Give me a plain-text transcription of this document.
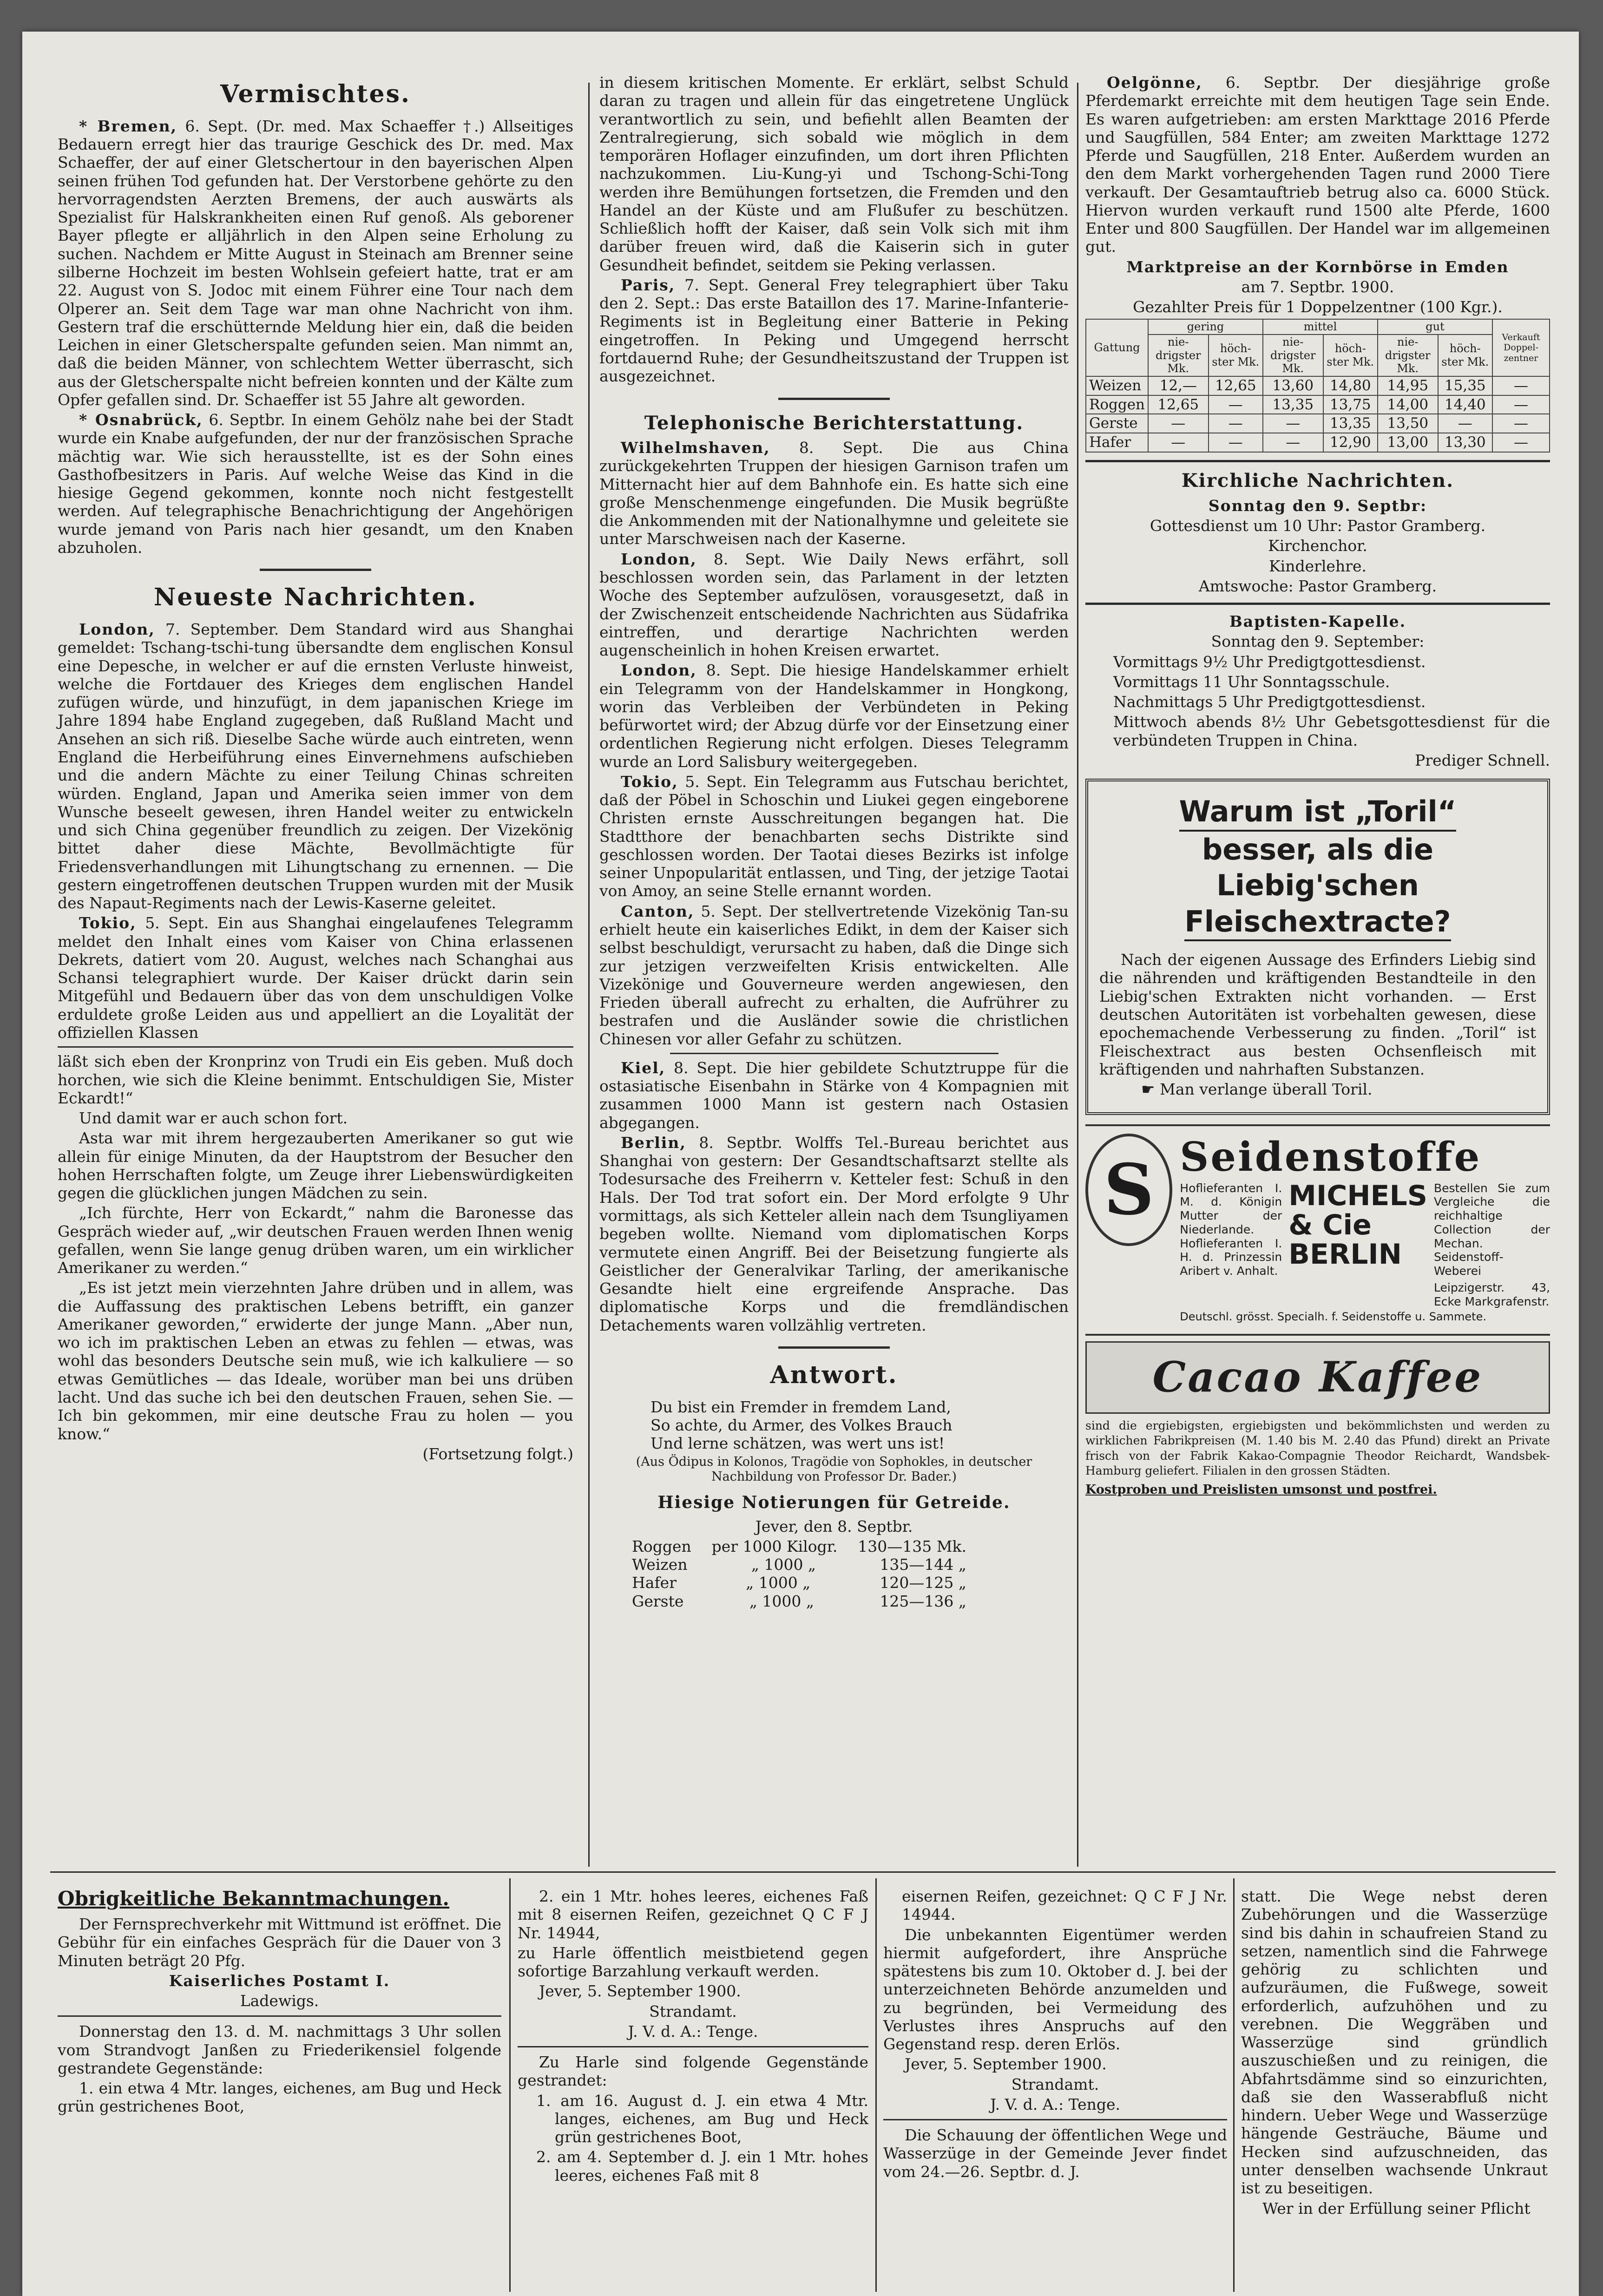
Vermischtes.

* Bremen, 6. Sept. (Dr. med. Max Schaeffer †.) Allseitiges Bedauern erregt hier das traurige Geschick des Dr. med. Max Schaeffer, der auf einer Gletschertour in den bayerischen Alpen seinen frühen Tod gefunden hat. Der Verstorbene gehörte zu den hervorragendsten Aerzten Bremens, der auch auswärts als Spezialist für Halskrankheiten einen Ruf genoß. Als geborener Bayer pflegte er alljährlich in den Alpen seine Erholung zu suchen. Nachdem er Mitte August in Steinach am Brenner seine silberne Hochzeit im besten Wohlsein gefeiert hatte, trat er am 22. August von S. Jodoc mit einem Führer eine Tour nach dem Olperer an. Seit dem Tage war man ohne Nachricht von ihm. Gestern traf die erschütternde Meldung hier ein, daß die beiden Leichen in einer Gletscherspalte gefunden seien. Man nimmt an, daß die beiden Männer, von schlechtem Wetter überrascht, sich aus der Gletscherspalte nicht befreien konnten und der Kälte zum Opfer gefallen sind. Dr. Schaeffer ist 55 Jahre alt geworden.

* Osnabrück, 6. Septbr. In einem Gehölz nahe bei der Stadt wurde ein Knabe aufgefunden, der nur der französischen Sprache mächtig war. Wie sich herausstellte, ist es der Sohn eines Gasthofbesitzers in Paris. Auf welche Weise das Kind in die hiesige Gegend gekommen, konnte noch nicht festgestellt werden. Auf telegraphische Benachrichtigung der Angehörigen wurde jemand von Paris nach hier gesandt, um den Knaben abzuholen.

Neueste Nachrichten.

London, 7. September. Dem Standard wird aus Shanghai gemeldet: Tschang-tschi-tung übersandte dem englischen Konsul eine Depesche, in welcher er auf die ernsten Verluste hinweist, welche die Fortdauer des Krieges dem englischen Handel zufügen würde, und hinzufügt, in dem japanischen Kriege im Jahre 1894 habe England zugegeben, daß Rußland Macht und Ansehen an sich riß. Dieselbe Sache würde auch eintreten, wenn England die Herbeiführung eines Einvernehmens aufschieben und die andern Mächte zu einer Teilung Chinas schreiten würden. England, Japan und Amerika seien immer von dem Wunsche beseelt gewesen, ihren Handel weiter zu entwickeln und sich China gegenüber freundlich zu zeigen. Der Vizekönig bittet daher diese Mächte, Bevollmächtigte für Friedensverhandlungen mit Lihungtschang zu ernennen. — Die gestern eingetroffenen deutschen Truppen wurden mit der Musik des Napaut-Regiments nach der Lewis-Kaserne geleitet.

Tokio, 5. Sept. Ein aus Shanghai eingelaufenes Telegramm meldet den Inhalt eines vom Kaiser von China erlassenen Dekrets, datiert vom 20. August, welches nach Schanghai aus Schansi telegraphiert wurde. Der Kaiser drückt darin sein Mitgefühl und Bedauern über das von dem unschuldigen Volke erduldete große Leiden aus und appelliert an die Loyalität der offiziellen Klassen

läßt sich eben der Kronprinz von Trudi ein Eis geben. Muß doch horchen, wie sich die Kleine benimmt. Entschuldigen Sie, Mister Eckardt!“

Und damit war er auch schon fort.

Asta war mit ihrem hergezauberten Amerikaner so gut wie allein für einige Minuten, da der Hauptstrom der Besucher den hohen Herrschaften folgte, um Zeuge ihrer Liebenswürdigkeiten gegen die glücklichen jungen Mädchen zu sein.

„Ich fürchte, Herr von Eckardt,“ nahm die Baronesse das Gespräch wieder auf, „wir deutschen Frauen werden Ihnen wenig gefallen, wenn Sie lange genug drüben waren, um ein wirklicher Amerikaner zu werden.“

„Es ist jetzt mein vierzehnten Jahre drüben und in allem, was die Auffassung des praktischen Lebens betrifft, ein ganzer Amerikaner geworden,“ erwiderte der junge Mann. „Aber nun, wo ich im praktischen Leben an etwas zu fehlen — etwas, was wohl das besonders Deutsche sein muß, wie ich kalkuliere — so etwas Gemütliches — das Ideale, worüber man bei uns drüben lacht. Und das suche ich bei den deutschen Frauen, sehen Sie. — Ich bin gekommen, mir eine deutsche Frau zu holen — you know.“

(Fortsetzung folgt.)

in diesem kritischen Momente. Er erklärt, selbst Schuld daran zu tragen und allein für das eingetretene Unglück verantwortlich zu sein, und befiehlt allen Beamten der Zentralregierung, sich sobald wie möglich in dem temporären Hoflager einzufinden, um dort ihren Pflichten nachzukommen. Liu-Kung-yi und Tschong-Schi-Tong werden ihre Bemühungen fortsetzen, die Fremden und den Handel an der Küste und am Flußufer zu beschützen. Schließlich hofft der Kaiser, daß sein Volk sich mit ihm darüber freuen wird, daß die Kaiserin sich in guter Gesundheit befindet, seitdem sie Peking verlassen.

Paris, 7. Sept. General Frey telegraphiert über Taku den 2. Sept.: Das erste Bataillon des 17. Marine-Infanterie-Regiments ist in Begleitung einer Batterie in Peking eingetroffen. In Peking und Umgegend herrscht fortdauernd Ruhe; der Gesundheitszustand der Truppen ist ausgezeichnet.

Telephonische Berichterstattung.

Wilhelmshaven, 8. Sept. Die aus China zurückgekehrten Truppen der hiesigen Garnison trafen um Mitternacht hier auf dem Bahnhofe ein. Es hatte sich eine große Menschenmenge eingefunden. Die Musik begrüßte die Ankommenden mit der Nationalhymne und geleitete sie unter Marschweisen nach der Kaserne.

London, 8. Sept. Wie Daily News erfährt, soll beschlossen worden sein, das Parlament in der letzten Woche des September aufzulösen, vorausgesetzt, daß in der Zwischenzeit entscheidende Nachrichten aus Südafrika eintreffen, und derartige Nachrichten werden augenscheinlich in hohen Kreisen erwartet.

London, 8. Sept. Die hiesige Handelskammer erhielt ein Telegramm von der Handelskammer in Hongkong, worin das Verbleiben der Verbündeten in Peking befürwortet wird; der Abzug dürfe vor der Einsetzung einer ordentlichen Regierung nicht erfolgen. Dieses Telegramm wurde an Lord Salisbury weitergegeben.

Tokio, 5. Sept. Ein Telegramm aus Futschau berichtet, daß der Pöbel in Schoschin und Liukei gegen eingeborene Christen ernste Ausschreitungen begangen hat. Die Stadtthore der benachbarten sechs Distrikte sind geschlossen worden. Der Taotai dieses Bezirks ist infolge seiner Unpopularität entlassen, und Ting, der jetzige Taotai von Amoy, an seine Stelle ernannt worden.

Canton, 5. Sept. Der stellvertretende Vizekönig Tan-su erhielt heute ein kaiserliches Edikt, in dem der Kaiser sich selbst beschuldigt, verursacht zu haben, daß die Dinge sich zur jetzigen verzweifelten Krisis entwickelten. Alle Vizekönige und Gouverneure werden angewiesen, den Frieden überall aufrecht zu erhalten, die Aufrührer zu bestrafen und die Ausländer sowie die christlichen Chinesen vor aller Gefahr zu schützen.

Kiel, 8. Sept. Die hier gebildete Schutztruppe für die ostasiatische Eisenbahn in Stärke von 4 Kompagnien mit zusammen 1000 Mann ist gestern nach Ostasien abgegangen.

Berlin, 8. Septbr. Wolffs Tel.-Bureau berichtet aus Shanghai von gestern: Der Gesandtschaftsarzt stellte als Todesursache des Freiherrn v. Ketteler fest: Schuß in den Hals. Der Tod trat sofort ein. Der Mord erfolgte 9 Uhr vormittags, als sich Ketteler allein nach dem Tsungliyamen begeben wollte. Niemand vom diplomatischen Korps vermutete einen Angriff. Bei der Beisetzung fungierte als Geistlicher der Generalvikar Tarling, der amerikanische Gesandte hielt eine ergreifende Ansprache. Das diplomatische Korps und die fremdländischen Detachements waren vollzählig vertreten.

Antwort.
Du bist ein Fremder in fremdem Land,
So achte, du Armer, des Volkes Brauch
Und lerne schätzen, was wert uns ist!

(Aus Ödipus in Kolonos, Tragödie von Sophokles, in deutscher Nachbildung von Professor Dr. Bader.)

Hiesige Notierungen für Getreide.

Jever, den 8. Septbr.

Roggen per 1000 Kilogr. 130—135 Mk.
Weizen	„ 1000 „	135—144 „
Hafer	„ 1000 „	120—125 „
Gerste	„ 1000 „	125—136 „

Oelgönne, 6. Septbr. Der diesjährige große Pferdemarkt erreichte mit dem heutigen Tage sein Ende. Es waren aufgetrieben: am ersten Markttage 2016 Pferde und Saugfüllen, 584 Enter; am zweiten Markttage 1272 Pferde und Saugfüllen, 218 Enter. Außerdem wurden an den dem Markt vorhergehenden Tagen rund 2000 Tiere verkauft. Der Gesamtauftrieb betrug also ca. 6000 Stück. Hiervon wurden verkauft rund 1500 alte Pferde, 1600 Enter und 800 Saugfüllen. Der Handel war im allgemeinen gut.

Marktpreise an der Kornbörse in Emden

am 7. Septbr. 1900.

Gezahlter Preis für 1 Doppelzentner (100 Kgr.).

Gattung	gering		mittel		gut		Verkauft Doppel- zentner
	nie- drigster Mk.	höch- ster Mk.	nie- drigster Mk.	höch- ster Mk.	nie- drigster Mk.	höch- ster Mk.	
Weizen	12,—	12,65	13,60	14,80	14,95	15,35	—
Roggen	12,65	—	13,35	13,75	14,00	14,40	—
Gerste	—	—	—	13,35	13,50	—	—
Hafer	—	—	—	12,90	13,00	13,30	—
Kirchliche Nachrichten.

Sonntag den 9. Septbr:

Gottesdienst um 10 Uhr: Pastor Gramberg.

Kirchenchor.

Kinderlehre.

Amtswoche: Pastor Gramberg.

Baptisten-Kapelle.

Sonntag den 9. September:

Vormittags 9½ Uhr Predigtgottesdienst.

Vormittags 11 Uhr Sonntagsschule.

Nachmittags 5 Uhr Predigtgottesdienst.

Mittwoch abends 8½ Uhr Gebetsgottesdienst für die verbündeten Truppen in China.

Prediger Schnell.

Warum ist „Toril“
besser, als die Liebig'schen
Fleischextracte?

Nach der eigenen Aussage des Erfinders Liebig sind die nährenden und kräftigenden Bestandteile in den Liebig'schen Extrakten nicht vorhanden. — Erst deutschen Autoritäten ist vorbehalten gewesen, diese epochemachende Verbesserung zu finden. „Toril“ ist Fleischextract aus besten Ochsenfleisch mit kräftigenden und nahrhaften Substanzen.

☛ Man verlange überall Toril.

S Seidenstoffe
Hoflieferanten I. M. d. Königin Mutter der Niederlande. Hoflieferanten I. H. d. Prinzessin Aribert v. Anhalt.
MICHELS & Cie
BERLIN
Bestellen Sie zum Vergleiche die reichhaltige Collection der Mechan. Seidenstoff-Weberei
Leipzigerstr. 43, Ecke Markgrafenstr.
Deutschl. grösst. Specialh. f. Seidenstoffe u. Sammete.
Cacao Kaffee
sind die ergiebigsten, ergiebigsten und bekömmlichsten und werden zu wirklichen Fabrikpreisen (M. 1.40 bis M. 2.40 das Pfund) direkt an Private frisch von der Fabrik Kakao-Compagnie Theodor Reichardt, Wandsbek-Hamburg geliefert. Filialen in den grossen Städten.
Kostproben und Preislisten umsonst und postfrei.
Obrigkeitliche Bekanntmachungen.

Der Fernsprechverkehr mit Wittmund ist eröffnet. Die Gebühr für ein einfaches Gespräch für die Dauer von 3 Minuten beträgt 20 Pfg.

Kaiserliches Postamt I.

Ladewigs.

Donnerstag den 13. d. M. nachmittags 3 Uhr sollen vom Strandvogt Janßen zu Friederikensiel folgende gestrandete Gegenstände:

1. ein etwa 4 Mtr. langes, eichenes, am Bug und Heck grün gestrichenes Boot,

2. ein 1 Mtr. hohes leeres, eichenes Faß mit 8 eisernen Reifen, gezeichnet Q C F J Nr. 14944,

zu Harle öffentlich meistbietend gegen sofortige Barzahlung verkauft werden.

Jever, 5. September 1900.

Strandamt.

J. V. d. A.: Tenge.

Zu Harle sind folgende Gegenstände gestrandet:

1. am 16. August d. J. ein etwa 4 Mtr. langes, eichenes, am Bug und Heck grün gestrichenes Boot,

2. am 4. September d. J. ein 1 Mtr. hohes leeres, eichenes Faß mit 8

eisernen Reifen, gezeichnet: Q C F J Nr. 14944.

Die unbekannten Eigentümer werden hiermit aufgefordert, ihre Ansprüche spätestens bis zum 10. Oktober d. J. bei der unterzeichneten Behörde anzumelden und zu begründen, bei Vermeidung des Verlustes ihres Anspruchs auf den Gegenstand resp. deren Erlös.

Jever, 5. September 1900.

Strandamt.

J. V. d. A.: Tenge.

Die Schauung der öffentlichen Wege und Wasserzüge in der Gemeinde Jever findet vom 24.—26. Septbr. d. J.

statt. Die Wege nebst deren Zubehörungen und die Wasserzüge sind bis dahin in schaufreien Stand zu setzen, namentlich sind die Fahrwege gehörig zu schlichten und aufzuräumen, die Fußwege, soweit erforderlich, aufzuhöhen und zu verebnen. Die Weggräben und Wasserzüge sind gründlich auszuschießen und zu reinigen, die Abfahrtsdämme sind so einzurichten, daß sie den Wasserabfluß nicht hindern. Ueber Wege und Wasserzüge hängende Gesträuche, Bäume und Hecken sind aufzuschneiden, das unter denselben wachsende Unkraut ist zu beseitigen.

Wer in der Erfüllung seiner Pflicht
